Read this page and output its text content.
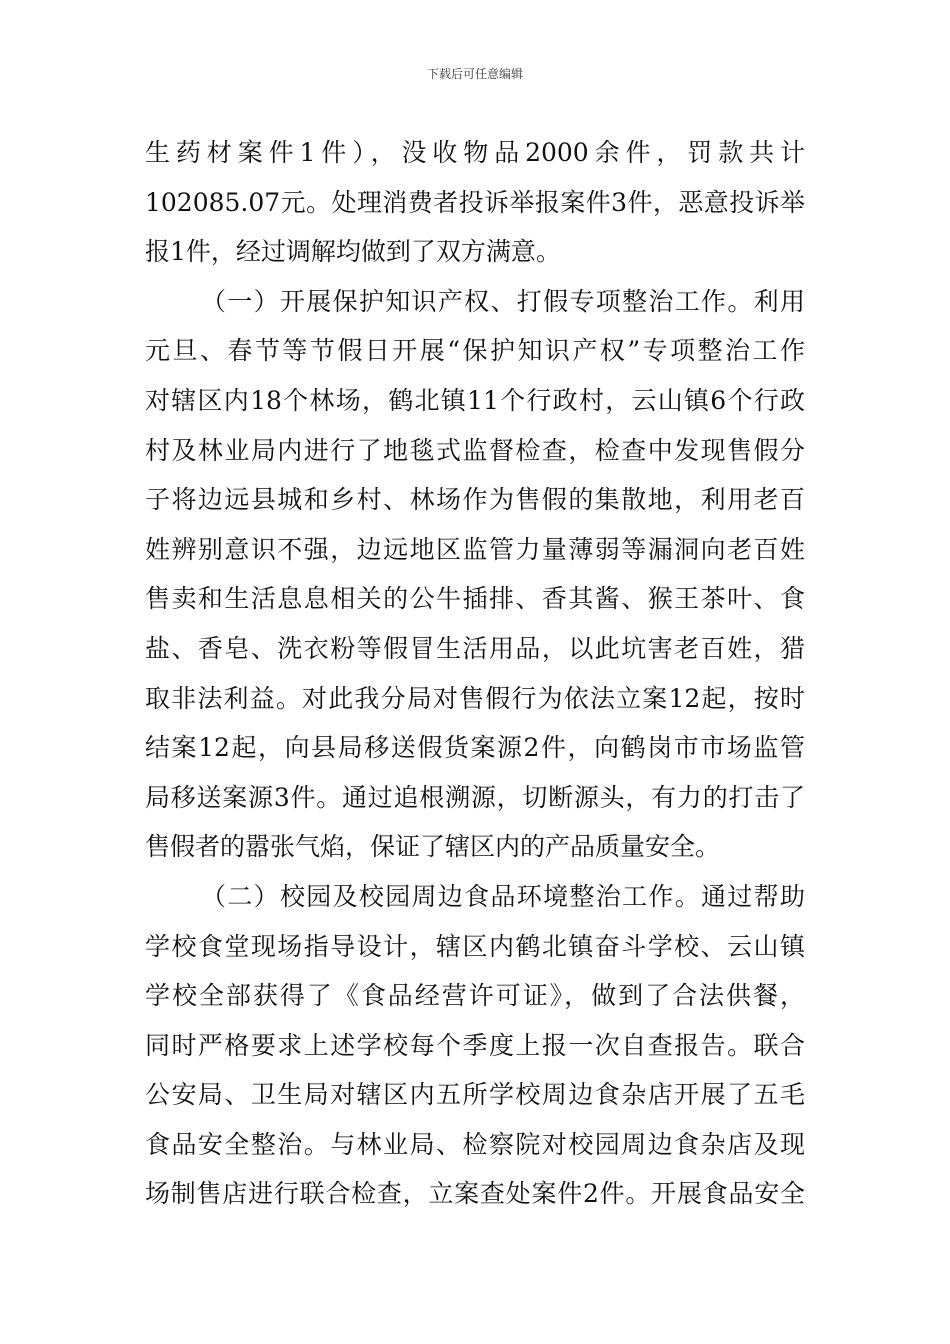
下载后可任意编辑
生药材案件1件），没收物品2000余件，罚款共计
102085.07元。处理消费者投诉举报案件3件，恶意投诉举
报1件，经过调解均做到了双方满意。
（一）开展保护知识产权、打假专项整治工作。利用
元旦、春节等节假日开展“保护知识产权”专项整治工作
对辖区内18个林场，鹤北镇11个行政村，云山镇6个行政
村及林业局内进行了地毯式监督检查，检查中发现售假分
子将边远县城和乡村、林场作为售假的集散地，利用老百
姓辨别意识不强，边远地区监管力量薄弱等漏洞向老百姓
售卖和生活息息相关的公牛插排、香其酱、猴王茶叶、食
盐、香皂、洗衣粉等假冒生活用品，以此坑害老百姓，猎
取非法利益。对此我分局对售假行为依法立案12起，按时
结案12起，向县局移送假货案源2件，向鹤岗市市场监管
局移送案源3件。通过追根溯源，切断源头，有力的打击了
售假者的嚣张气焰，保证了辖区内的产品质量安全。
（二）校园及校园周边食品环境整治工作。通过帮助
学校食堂现场指导设计，辖区内鹤北镇奋斗学校、云山镇
学校全部获得了《食品经营许可证》，做到了合法供餐，
同时严格要求上述学校每个季度上报一次自查报告。联合
公安局、卫生局对辖区内五所学校周边食杂店开展了五毛
食品安全整治。与林业局、检察院对校园周边食杂店及现
场制售店进行联合检查，立案查处案件2件。开展食品安全
